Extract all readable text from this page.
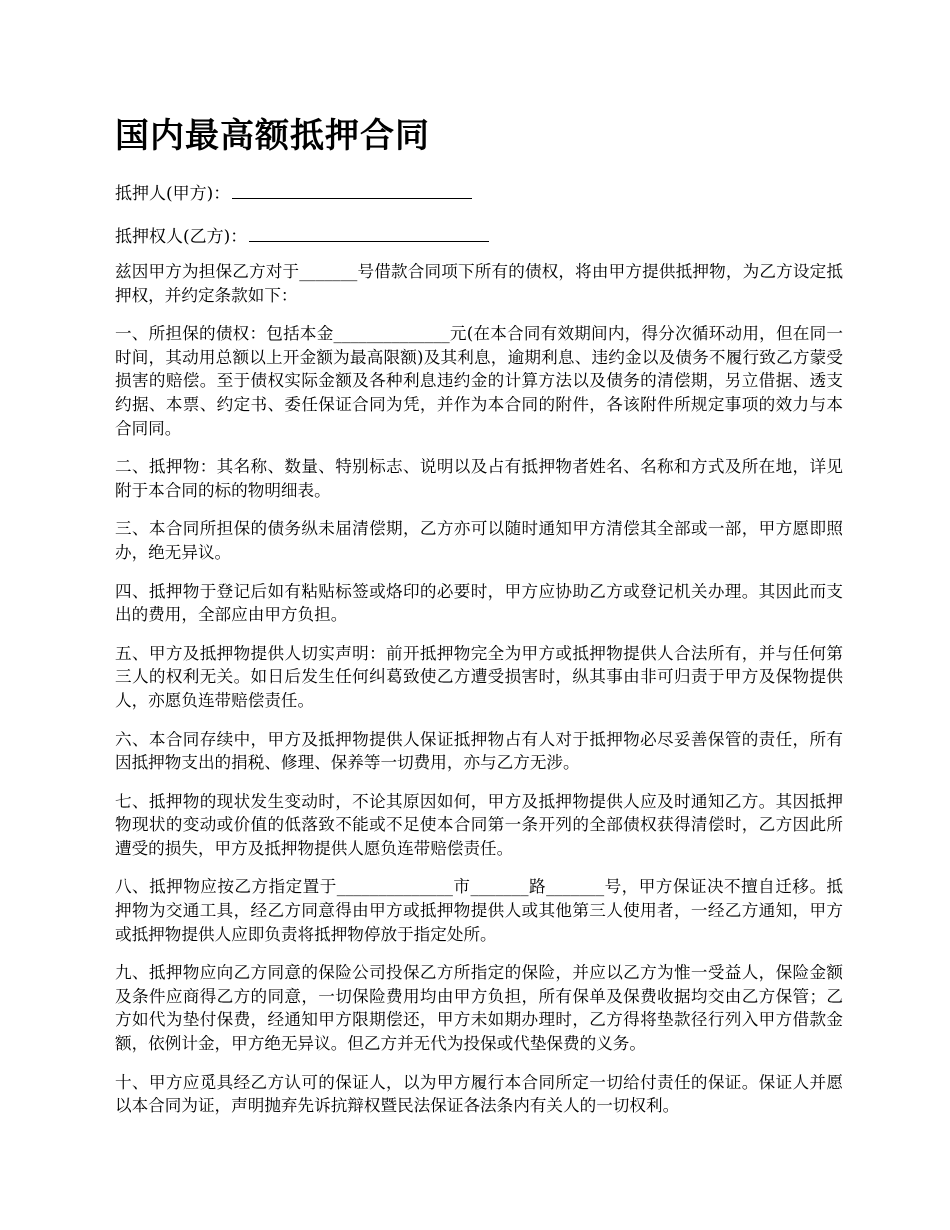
国内最高额抵押合同
抵押人(甲方)：
抵押权人(乙方)：

兹因甲方为担保乙方对于_______号借款合同项下所有的债权，将由甲方提供抵押物，为乙方设定抵押权，并约定条款如下：

一、所担保的债权：包括本金______________元(在本合同有效期间内，得分次循环动用，但在同一时间，其动用总额以上开金额为最高限额)及其利息，逾期利息、违约金以及债务不履行致乙方蒙受损害的赔偿。至于债权实际金额及各种利息违约金的计算方法以及债务的清偿期，另立借据、透支约据、本票、约定书、委任保证合同为凭，并作为本合同的附件，各该附件所规定事项的效力与本合同同。

二、抵押物：其名称、数量、特别标志、说明以及占有抵押物者姓名、名称和方式及所在地，详见附于本合同的标的物明细表。

三、本合同所担保的债务纵未届清偿期，乙方亦可以随时通知甲方清偿其全部或一部，甲方愿即照办，绝无异议。

四、抵押物于登记后如有粘贴标签或烙印的必要时，甲方应协助乙方或登记机关办理。其因此而支出的费用，全部应由甲方负担。

五、甲方及抵押物提供人切实声明：前开抵押物完全为甲方或抵押物提供人合法所有，并与任何第三人的权利无关。如日后发生任何纠葛致使乙方遭受损害时，纵其事由非可归责于甲方及保物提供人，亦愿负连带赔偿责任。

六、本合同存续中，甲方及抵押物提供人保证抵押物占有人对于抵押物必尽妥善保管的责任，所有因抵押物支出的捐税、修理、保养等一切费用，亦与乙方无涉。

七、抵押物的现状发生变动时，不论其原因如何，甲方及抵押物提供人应及时通知乙方。其因抵押物现状的变动或价值的低落致不能或不足使本合同第一条开列的全部债权获得清偿时，乙方因此所遭受的损失，甲方及抵押物提供人愿负连带赔偿责任。

八、抵押物应按乙方指定置于______________市_______路_______号，甲方保证决不擅自迁移。抵押物为交通工具，经乙方同意得由甲方或抵押物提供人或其他第三人使用者，一经乙方通知，甲方或抵押物提供人应即负责将抵押物停放于指定处所。

九、抵押物应向乙方同意的保险公司投保乙方所指定的保险，并应以乙方为惟一受益人，保险金额及条件应商得乙方的同意，一切保险费用均由甲方负担，所有保单及保费收据均交由乙方保管；乙方如代为垫付保费，经通知甲方限期偿还，甲方未如期办理时，乙方得将垫款径行列入甲方借款金额，依例计金，甲方绝无异议。但乙方并无代为投保或代垫保费的义务。

十、甲方应觅具经乙方认可的保证人，以为甲方履行本合同所定一切给付责任的保证。保证人并愿以本合同为证，声明抛弃先诉抗辩权暨民法保证各法条内有关人的一切权利。
